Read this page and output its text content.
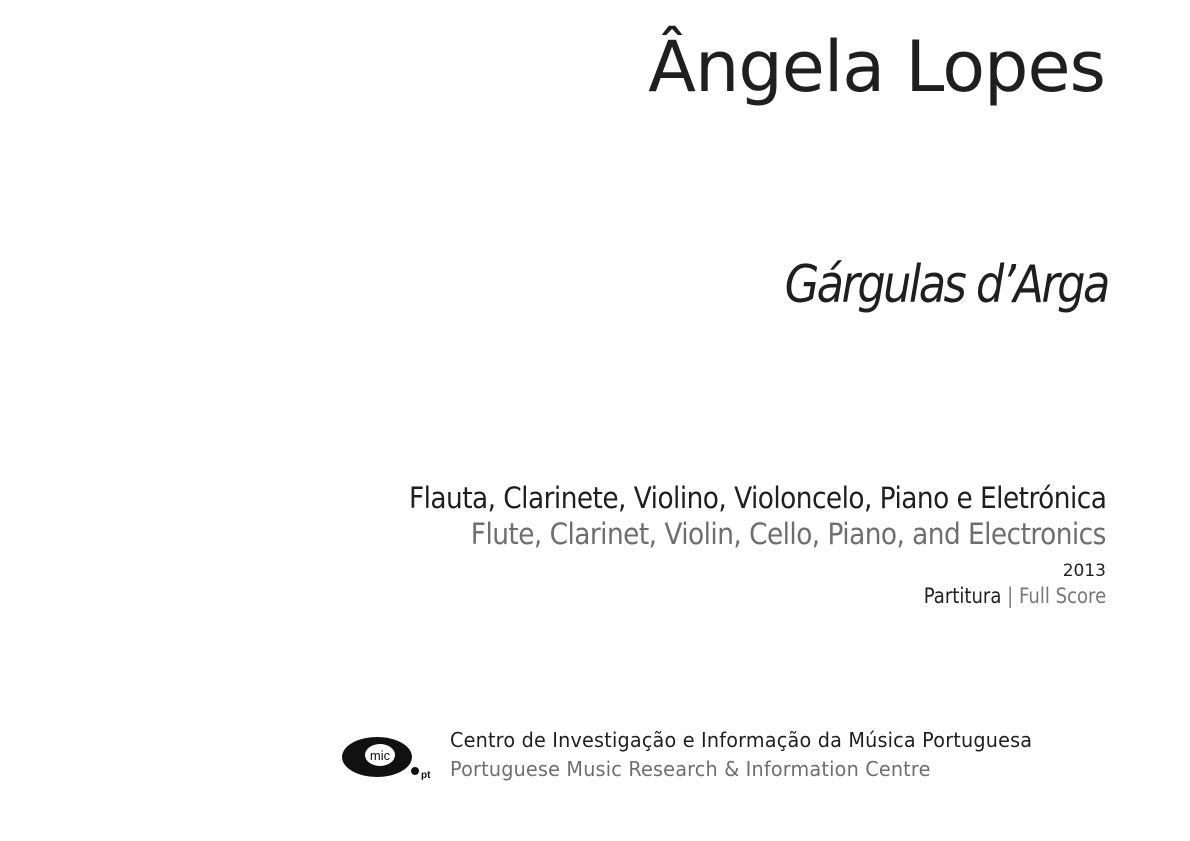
Ângela Lopes
Gárgulas d’Arga
Flauta, Clarinete, Violino, Violoncelo, Piano e Eletrónica
Flute, Clarinet, Violin, Cello, Piano, and Electronics
2013
Partitura | Full Score
mic
pt
Centro de Investigação e Informação da Música Portuguesa
Portuguese Music Research & Information Centre
